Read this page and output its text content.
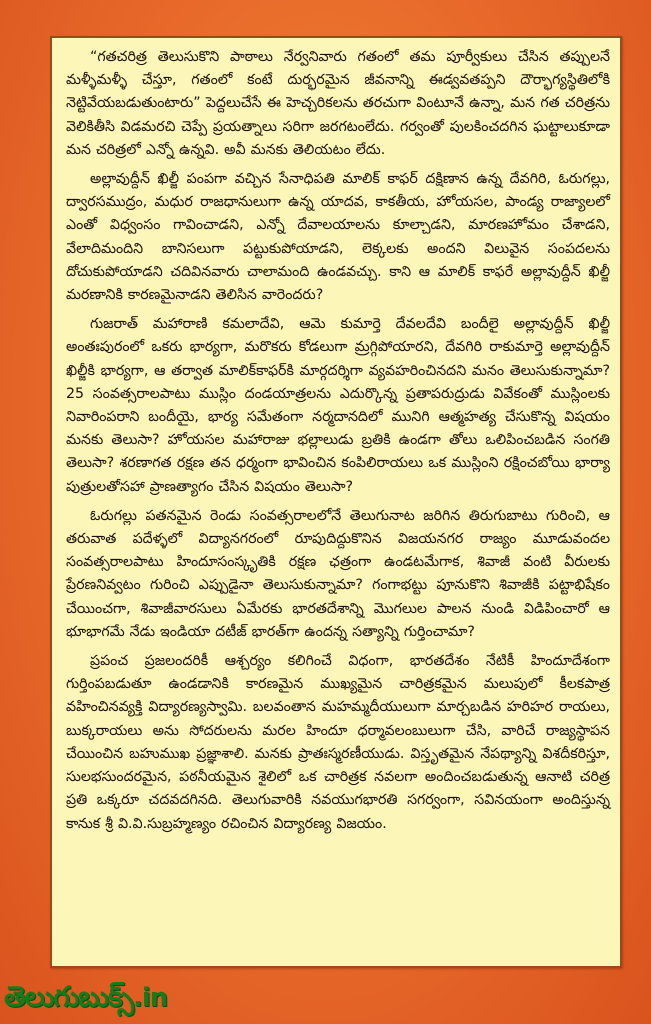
“గతచరిత్ర తెలుసుకొని పాఠాలు నేర్వనివారు గతంలో తమ పూర్వీకులు చేసిన తప్పులనే మళ్ళీమళ్ళీ చేస్తూ, గతంలో కంటే దుర్భరమైన జీవనాన్ని ఈడ్వవతప్పని దౌర్భాగ్యస్థితిలోకి నెట్టివేయబడుతుంటారు” పెద్దలుచేసే ఈ హెచ్చరికలను తరచుగా వింటూనే ఉన్నా, మన గత చరిత్రను వెలికితీసి విడమరచి చెప్పే ప్రయత్నాలు సరిగా జరగటంలేదు. గర్వంతో పులకించదగిన ఘట్టాలుకూడా మన చరిత్రలో ఎన్నో ఉన్నవి. అవీ మనకు తెలియటం లేదు.

అల్లావుద్దీన్ ఖిల్జీ పంపగా వచ్చిన సేనాధిపతి మాలిక్ కాఫర్ దక్షిణాన ఉన్న దేవగిరి, ఓరుగల్లు, ద్వారసముద్రం, మధుర రాజధానులుగా ఉన్న యాదవ, కాకతీయ, హోయసల, పాండ్య రాజ్యాలలో ఎంతో విధ్వంసం గావించాడని, ఎన్నో దేవాలయాలను కూల్చాడని, మారణహోమం చేశాడని, వేలాదిమందిని బానిసలుగా పట్టుకుపోయాడని, లెక్కలకు అందని విలువైన సంపదలను దోచుకుపోయాడని చదివినవారు చాలామంది ఉండవచ్చు. కాని ఆ మాలిక్ కాఫరే అల్లావుద్దీన్ ఖిల్జీ మరణానికి కారణమైనాడని తెలిసిన వారెందరు?

గుజరాత్ మహారాణి కమలాదేవి, ఆమె కుమార్తె దేవలదేవి బందీలై అల్లావుద్దీన్ ఖిల్జీ అంతఃపురంలో ఒకరు భార్యగా, మరొకరు కోడలుగా మ్రగ్గిపోయారని, దేవగిరి రాకుమార్తె అల్లావుద్దీన్ ఖిల్జీకి భార్యగా, ఆ తర్వాత మాలిక్‌కాఫర్‌కి మార్గదర్శిగా వ్యవహరించినదని మనం తెలుసుకున్నామా? 25 సంవత్సరాలపాటు ముస్లిం దండయాత్రలను ఎదుర్కొన్న ప్రతాపరుద్రుడు వివేకంతో ముస్లింలకు నివారింపరాని బందీయై, భార్య సమేతంగా నర్మదానదిలో మునిగి ఆత్మహత్య చేసుకొన్న విషయం మనకు తెలుసా? హోయసల మహారాజు భల్లాలుడు బ్రతికి ఉండగా తోలు ఒలిపించబడిన సంగతి తెలుసా? శరణాగత రక్షణ తన ధర్మంగా భావించిన కంపిలిరాయలు ఒక ముస్లింని రక్షించబోయి భార్యా పుత్రులతోసహా ప్రాణత్యాగం చేసిన విషయం తెలుసా?

ఓరుగల్లు పతనమైన రెండు సంవత్సరాలలోనే తెలుగునాట జరిగిన తిరుగుబాటు గురించి, ఆ తరువాత పదేళ్ళలో విద్యానగరంలో రూపుదిద్దుకొనిన విజయనగర రాజ్యం మూడువందల సంవత్సరాలపాటు హిందూసంస్కృతికి రక్షణ ఛత్రంగా ఉండటమేగాక, శివాజీ వంటి వీరులకు ప్రేరణనివ్వటం గురించి ఎప్పుడైనా తెలుసుకున్నామా? గంగాభట్టు పూనుకొని శివాజీకి పట్టాభిషేకం చేయించగా, శివాజీవారసులు ఏమేరకు భారతదేశాన్ని మొగలుల పాలన నుండి విడిపించారో ఆ భూభాగమే నేడు ఇండియా దటీజ్ భారత్‌గా ఉందన్న సత్యాన్ని గుర్తించామా?

ప్రపంచ ప్రజలందరికీ ఆశ్చర్యం కలిగించే విధంగా, భారతదేశం నేటికీ హిందూదేశంగా గుర్తింపబడుతూ ఉండడానికి కారణమైన ముఖ్యమైన చారిత్రకమైన మలుపులో కీలకపాత్ర వహించినవ్యక్తి విద్యారణ్యస్వామి. బలవంతాన మహమ్మదీయులుగా మార్చబడిన హరిహర రాయలు, బుక్కరాయలు అను సోదరులను మరల హిందూ ధర్మావలంబులుగా చేసి, వారిచే రాజ్యస్థాపన చేయించిన బహుముఖ ప్రజ్ఞాశాలి. మనకు ప్రాతఃస్మరణీయుడు. విస్తృతమైన నేపథ్యాన్ని విశదీకరిస్తూ, సులభసుందరమైన, పఠనీయమైన శైలిలో ఒక చారిత్రక నవలగా అందించబడుతున్న ఆనాటి చరిత్ర ప్రతి ఒక్కరూ చదవదగినది. తెలుగువారికి నవయుగభారతి సగర్వంగా, సవినయంగా అందిస్తున్న కానుక శ్రీ వి.వి.సుబ్రహ్మణ్యం రచించిన విద్యారణ్య విజయం.

తెలుగుబుక్స్ .in
